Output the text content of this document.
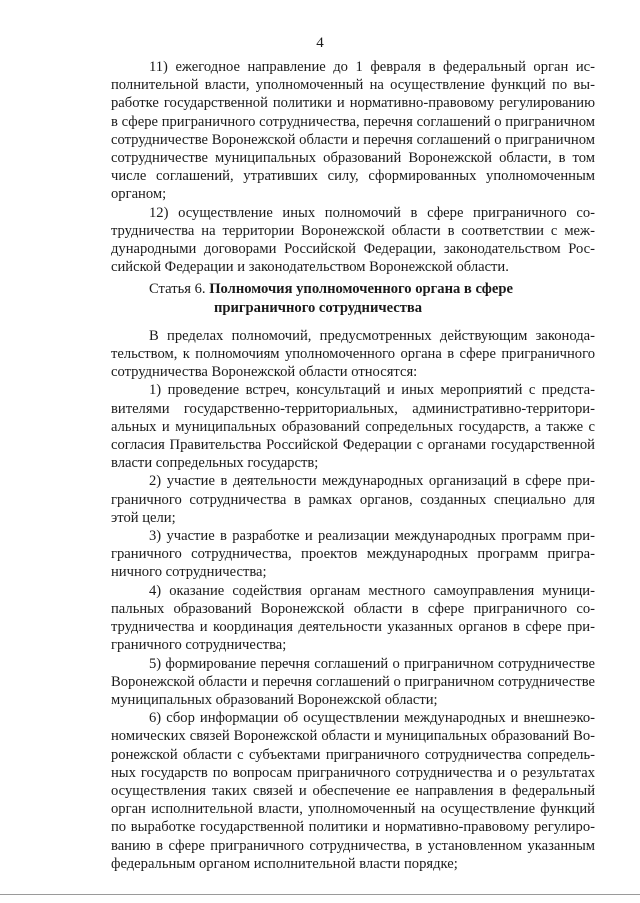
4

11) ежегодное направление до 1 февраля в федеральный орган исполнительной власти, уполномоченный на осуществление функций по выработке государственной политики и нормативно-правовому регулированию в сфере приграничного сотрудничества, перечня соглашений о приграничном сотрудничестве Воронежской области и перечня соглашений о приграничном сотрудничестве муниципальных образований Воронежской области, в том числе соглашений, утративших силу, сформированных уполномоченным органом;

12) осуществление иных полномочий в сфере приграничного сотрудничества на территории Воронежской области в соответствии с международными договорами Российской Федерации, законодательством Российской Федерации и законодательством Воронежской области.

Статья 6. Полномочия уполномоченного органа в сфере
приграничного сотрудничества

В пределах полномочий, предусмотренных действующим законодательством, к полномочиям уполномоченного органа в сфере приграничного сотрудничества Воронежской области относятся:

1) проведение встреч, консультаций и иных мероприятий с представителями государственно-территориальных, административно-территориальных и муниципальных образований сопредельных государств, а также с согласия Правительства Российской Федерации с органами государственной власти сопредельных государств;

2) участие в деятельности международных организаций в сфере приграничного сотрудничества в рамках органов, созданных специально для этой цели;

3) участие в разработке и реализации международных программ приграничного сотрудничества, проектов международных программ приграничного сотрудничества;

4) оказание содействия органам местного самоуправления муниципальных образований Воронежской области в сфере приграничного сотрудничества и координация деятельности указанных органов в сфере приграничного сотрудничества;

5) формирование перечня соглашений о приграничном сотрудничестве Воронежской области и перечня соглашений о приграничном сотрудничестве муниципальных образований Воронежской области;

6) сбор информации об осуществлении международных и внешнеэкономических связей Воронежской области и муниципальных образований Воронежской области с субъектами приграничного сотрудничества сопредельных государств по вопросам приграничного сотрудничества и о результатах осуществления таких связей и обеспечение ее направления в федеральный орган исполнительной власти, уполномоченный на осуществление функций по выработке государственной политики и нормативно-правовому регулированию в сфере приграничного сотрудничества, в установленном указанным федеральным органом исполнительной власти порядке;
